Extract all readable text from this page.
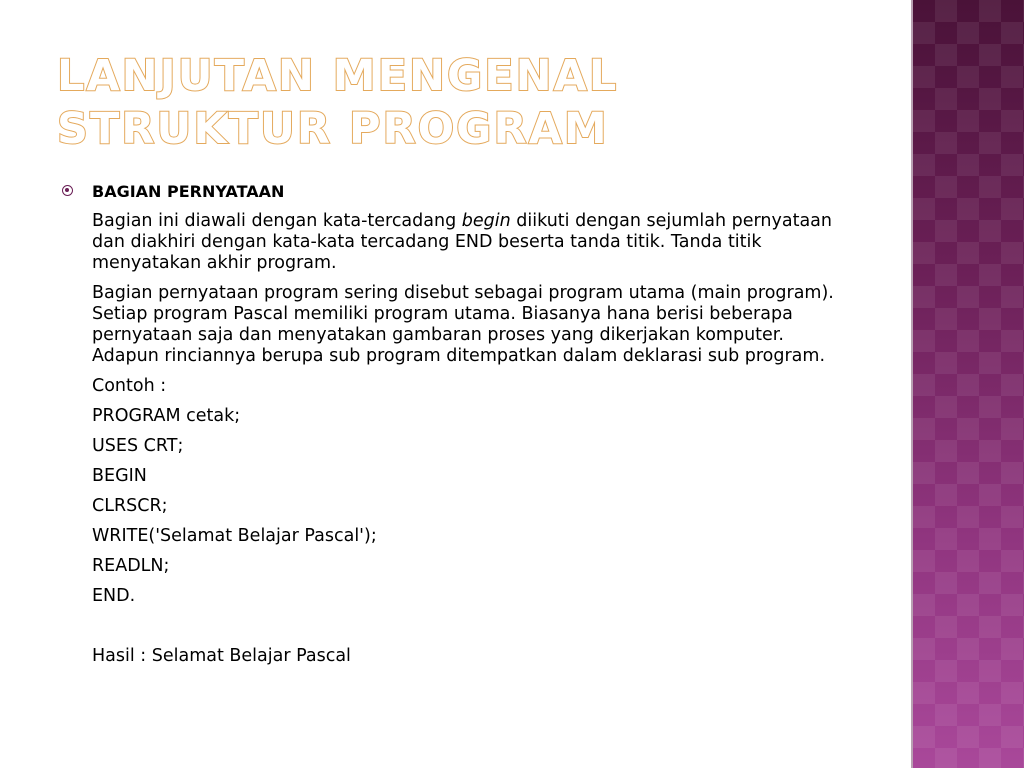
LANJUTAN MENGENAL STRUKTUR PROGRAM
BAGIAN PERNYATAAN

Bagian ini diawali dengan kata-tercadang begin diikuti dengan sejumlah pernyataan dan diakhiri dengan kata-kata tercadang END beserta tanda titik. Tanda titik menyatakan akhir program.

Bagian pernyataan program sering disebut sebagai program utama (main program). Setiap program Pascal memiliki program utama. Biasanya hana berisi beberapa pernyataan saja dan menyatakan gambaran proses yang dikerjakan komputer. Adapun rinciannya berupa sub program ditempatkan dalam deklarasi sub program.

Contoh :

PROGRAM cetak;

USES CRT;

BEGIN

CLRSCR;

WRITE('Selamat Belajar Pascal');

READLN;

END.

Hasil : Selamat Belajar Pascal
